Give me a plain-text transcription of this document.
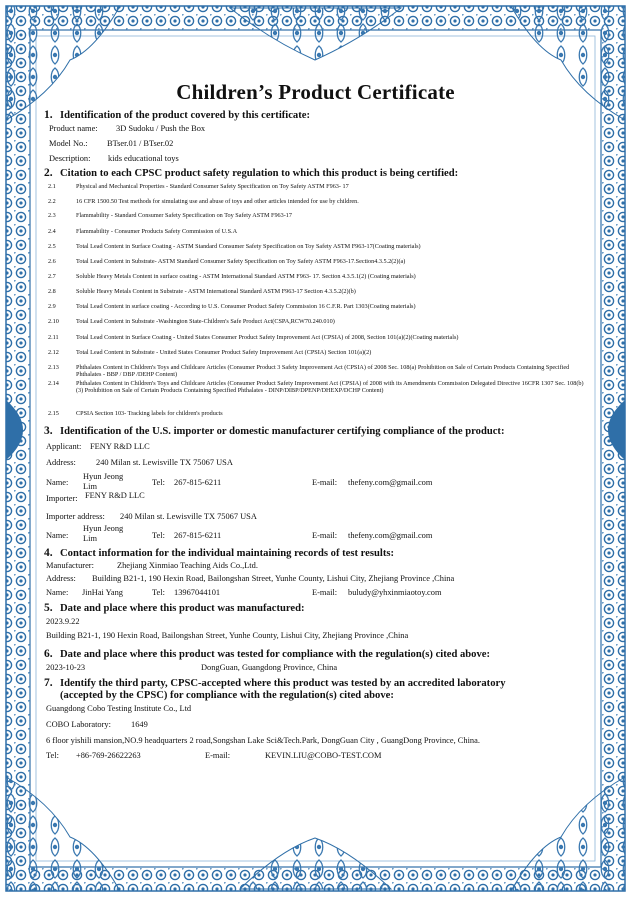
Children’s Product Certificate
1. Identification of the product covered by this certificate:
Product name: 3D Sudoku / Push the Box
Model No.: BTser.01 / BTser.02
Description: kids educational toys
2. Citation to each CPSC product safety regulation to which this product is being certified:
2.1	Physical and Mechanical Properties - Standard Consumer Safety Specification on Toy Safety ASTM F963- 17
2.2	16 CFR 1500.50 Test methods for simulating use and abuse of toys and other articles intended for use by children.
2.3	Flammability - Standard Consumer Safety Specification on Toy Safety ASTM F963-17
2.4	Flammability - Consumer Products Safety Commission of U.S.A
2.5	Total Lead Content in Surface Coating - ASTM Standard Consumer Safety Specification on Toy Safety ASTM F963-17(Coating materials)
2.6	Total Lead Content in Substrate- ASTM Standard Consumer Safety Specification on Toy Safety ASTM F963-17.Section4.3.5.2(2)(a)
2.7	Soluble Heavy Metals Content in surface coating - ASTM International Standard ASTM F963- 17. Section 4.3.5.1(2) (Coating materials)
2.8	Soluble Heavy Metals Content in Substrate - ASTM International Standard ASTM F963-17 Section 4.3.5.2(2)(b)
2.9	Total Lead Content in surface coating - According to U.S. Consumer Product Safety Commission 16 C.F.R. Part 1303(Coating materials)
2.10	Total Lead Content in Substrate -Washington State-Children's Safe Product Act(CSPA,RCW70.240.010)
2.11	Total Lead Content in Surface Coating - United States Consumer Product Safety Improvement Act (CPSIA) of 2008, Section 101(a)(2)(Coating materials)
2.12	Total Lead Content in Substrate - United States Consumer Product Safety Improvement Act (CPSIA) Section 101(a)(2)
2.13	Phthalates Content in Children's Toys and Childcare Articles (Consumer Product 3 Safety Improvement Act (CPSIA) of 2008 Sec. 108(a) Prohibition on Sale of Certain Products Containing Specified Phthalates - BBP / DBP /DEHP Content)
2.14	Phthalates Content in Children's Toys and Childcare Articles (Consumer Product Safety Improvement Act (CPSIA) of 2008 with its Amendments Commission Delegated Directive 16CFR 1307 Sec. 108(b)(3) Prohibition on Sale of Certain Products Containing Specified Phthalates - DINP/DIBP/DPENP/DHEXP/DCHP Content)
2.15	CPSIA Section 103- Tracking labels for children's products
3. Identification of the U.S. importer or domestic manufacturer certifying compliance of the product:
Applicant: FENY R&D LLC
Address: 240 Milan st. Lewisville TX 75067 USA
Name:
Hyun Jeong Lim	Tel: 267-815-6211	E-mail: thefeny.com@gmail.com
Importer: FENY R&D LLC
Importer address: 240 Milan st. Lewisville TX 75067 USA
Name:
Hyun Jeong Lim	Tel: 267-815-6211	E-mail: thefeny.com@gmail.com
4. Contact information for the individual maintaining records of test results:
Manufacturer:	Zhejiang Xinmiao Teaching Aids Co.,Ltd.
Address: Building B21-1, 190 Hexin Road, Bailongshan Street, Yunhe County, Lishui City, Zhejiang Province ,China
Name: JinHai Yang	Tel: 13967044101	E-mail: buludy@yhxinmiaotoy.com
5. Date and place where this product was manufactured:
2023.9.22
Building B21-1, 190 Hexin Road, Bailongshan Street, Yunhe County, Lishui City, Zhejiang Province ,China
6. Date and place where this product was tested for compliance with the regulation(s) cited above:
2023-10-23	DongGuan, Guangdong Province, China
7. Identify the third party, CPSC-accepted where this product was tested by an accredited laboratory
(accepted by the CPSC) for compliance with the regulation(s) cited above:
Guangdong Cobo Testing Institute Co., Ltd
COBO Laboratory: 1649
6 floor yishili mansion,NO.9 headquarters 2 road,Songshan Lake Sci&Tech.Park, DongGuan City , GuangDong Province, China.
Tel: +86-769-26622263	E-mail:	KEVIN.LIU@COBO-TEST.COM
